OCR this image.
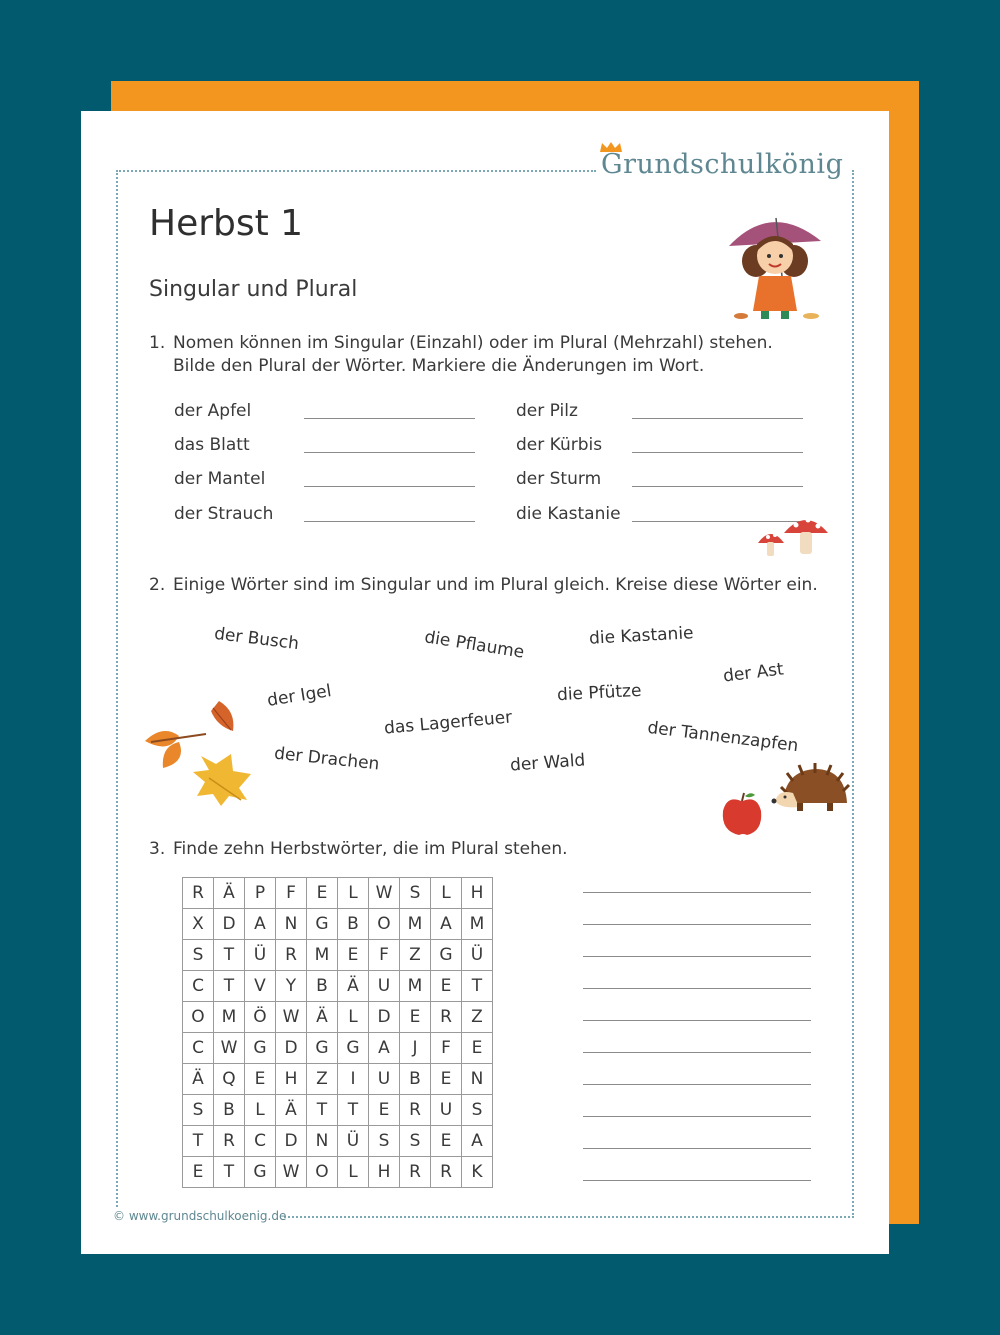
Grundschulkönig
Herbst 1
Singular und Plural
1. Nomen können im Singular (Einzahl) oder im Plural (Mehrzahl) stehen.
Bilde den Plural der Wörter. Markiere die Änderungen im Wort.
der Apfel
das Blatt
der Mantel
der Strauch
der Pilz
der Kürbis
der Sturm
die Kastanie
2. Einige Wörter sind im Singular und im Plural gleich. Kreise diese Wörter ein.
der Busch	die Pflaume	die Kastanie
der Ast
der Igel	die Pfütze
das Lagerfeuer	der Tannenzapfen
der Drachen	der Wald
3. Finde zehn Herbstwörter, die im Plural stehen.
R	Ä	P	F	E	L	W	S	L	H
X	D	A	N	G	B	O	M	A	M
S	T	Ü	R	M	E	F	Z	G	Ü
C	T	V	Y	B	Ä	U	M	E	T
O	M	Ö	W	Ä	L	D	E	R	Z
C	W	G	D	G	G	A	J	F	E
Ä	Q	E	H	Z	I	U	B	E	N
S	B	L	Ä	T	T	E	R	U	S
T	R	C	D	N	Ü	S	S	E	A
E	T	G	W	O	L	H	R	R	K
© www.grundschulkoenig.de
